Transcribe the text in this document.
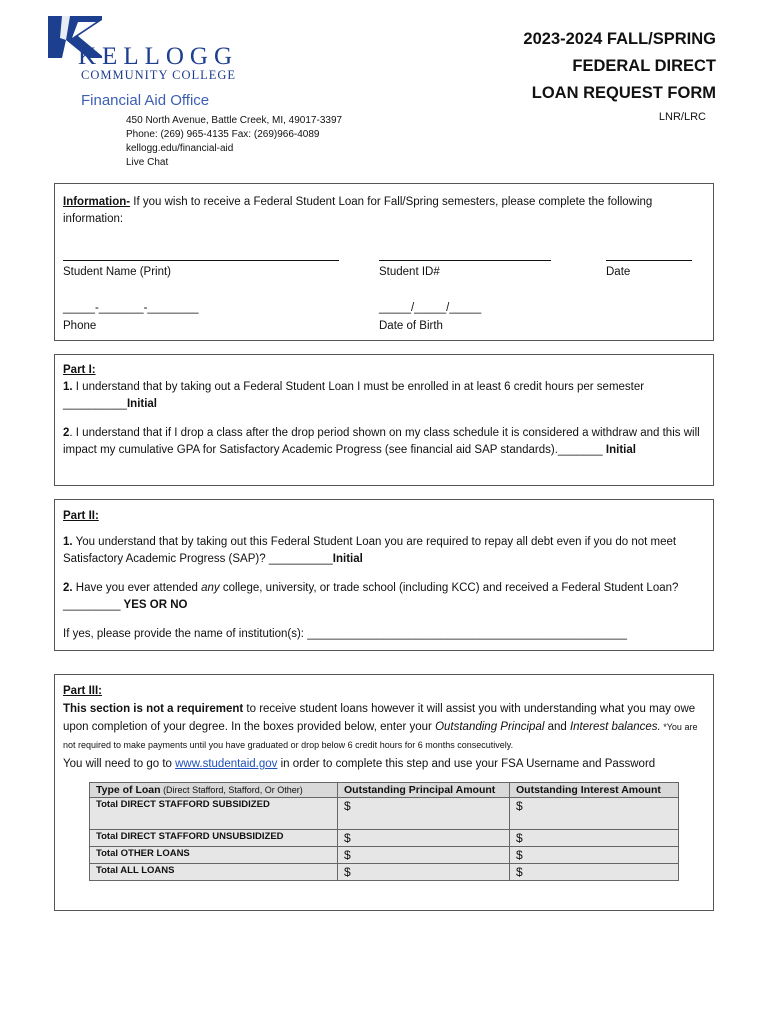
KELLOGG
COMMUNITY COLLEGE
Financial Aid Office
450 North Avenue, Battle Creek, MI, 49017-3397
Phone: (269) 965-4135 Fax: (269)966-4089
kellogg.edu/financial-aid
Live Chat
2023-2024 FALL/SPRING
FEDERAL DIRECT
LOAN REQUEST FORM
LNR/LRC
Information- If you wish to receive a Federal Student Loan for Fall/Spring semesters, please complete the following information:
Student Name (Print)	Student ID#	Date
_____-_______-________
Phone
_____/_____/_____
Date of Birth
Part I:
1. I understand that by taking out a Federal Student Loan I must be enrolled in at least 6 credit hours per semester __________Initial
2. I understand that if I drop a class after the drop period shown on my class schedule it is considered a withdraw and this will impact my cumulative GPA for Satisfactory Academic Progress (see financial aid SAP standards)._______ Initial
Part II:
1. You understand that by taking out this Federal Student Loan you are required to repay all debt even if you do not meet Satisfactory Academic Progress (SAP)? __________Initial
2. Have you ever attended any college, university, or trade school (including KCC) and received a Federal Student Loan?_________ YES OR NO
If yes, please provide the name of institution(s): __________________________________________________
Part III:
This section is not a requirement to receive student loans however it will assist you with understanding what you may owe upon completion of your degree. In the boxes provided below, enter your Outstanding Principal and Interest balances. *You are not required to make payments until you have graduated or drop below 6 credit hours for 6 months consecutively.
You will need to go to www.studentaid.gov in order to complete this step and use your FSA Username and Password
Type of Loan (Direct Stafford, Stafford, Or Other)	Outstanding Principal Amount	Outstanding Interest Amount
Total DIRECT STAFFORD SUBSIDIZED	$	$
Total DIRECT STAFFORD UNSUBSIDIZED	$	$
Total OTHER LOANS	$	$
Total ALL LOANS	$	$
